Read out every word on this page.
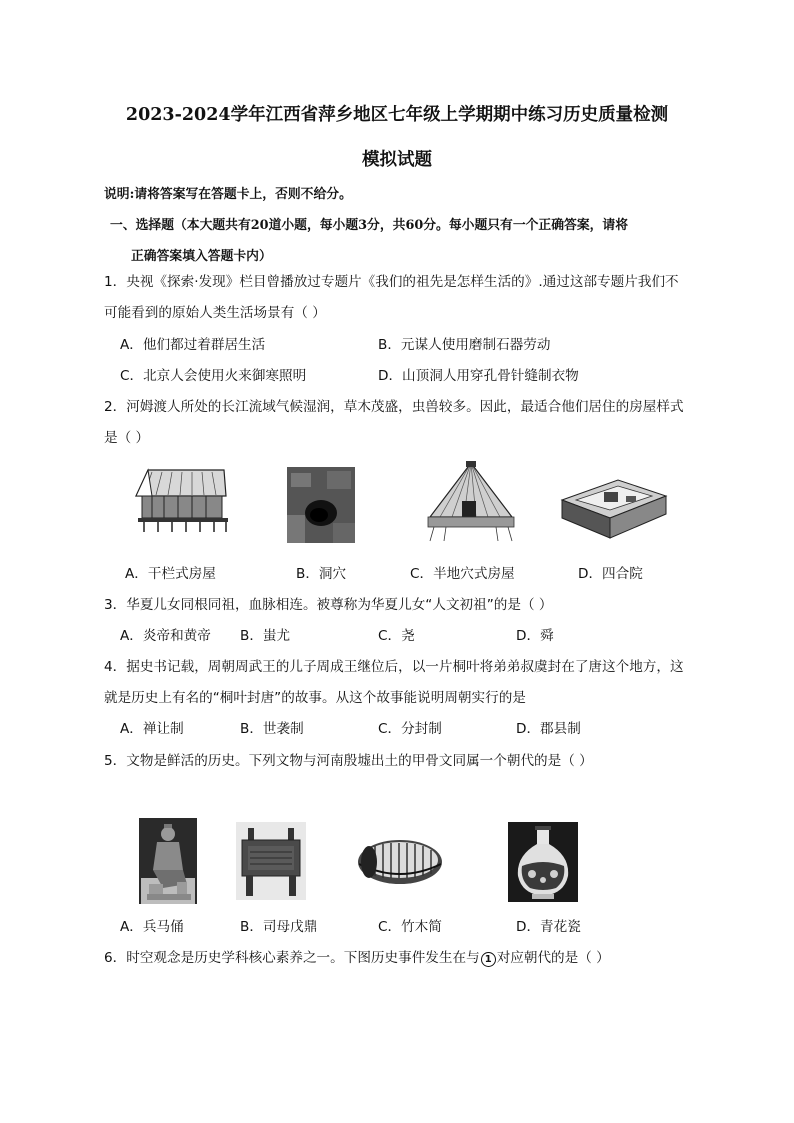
2023-2024学年江西省萍乡地区七年级上学期期中练习历史质量检测
模拟试题
说明:请将答案写在答题卡上，否则不给分。
一、选择题（本大题共有20道小题，每小题3分，共60分。每小题只有一个正确答案，请将
正确答案填入答题卡内）
1．央视《探索·发现》栏目曾播放过专题片《我们的祖先是怎样生活的》.通过这部专题片我们不
可能看到的原始人类生活场景有（ ）
A．他们都过着群居生活	B．元谋人使用磨制石器劳动
C．北京人会使用火来御寒照明	D．山顶洞人用穿孔骨针缝制衣物
2．河姆渡人所处的长江流域气候湿润，草木茂盛，虫兽较多。因此，最适合他们居住的房屋样式
是（ ）
A．干栏式房屋	B．洞穴	C．半地穴式房屋	D．四合院
3．华夏儿女同根同祖，血脉相连。被尊称为华夏儿女“人文初祖”的是（ ）
A．炎帝和黄帝 B．蚩尤	C．尧	D．舜
4．据史书记载，周朝周武王的儿子周成王继位后，以一片桐叶将弟弟叔虞封在了唐这个地方，这
就是历史上有名的“桐叶封唐”的故事。从这个故事能说明周朝实行的是
A．禅让制	B．世袭制	C．分封制	D．郡县制
5．文物是鲜活的历史。下列文物与河南殷墟出土的甲骨文同属一个朝代的是（ ）
A．兵马俑	B．司母戊鼎	C．竹木简	D．青花瓷
6．时空观念是历史学科核心素养之一。下图历史事件发生在与 1 对应朝代的是（ ）
